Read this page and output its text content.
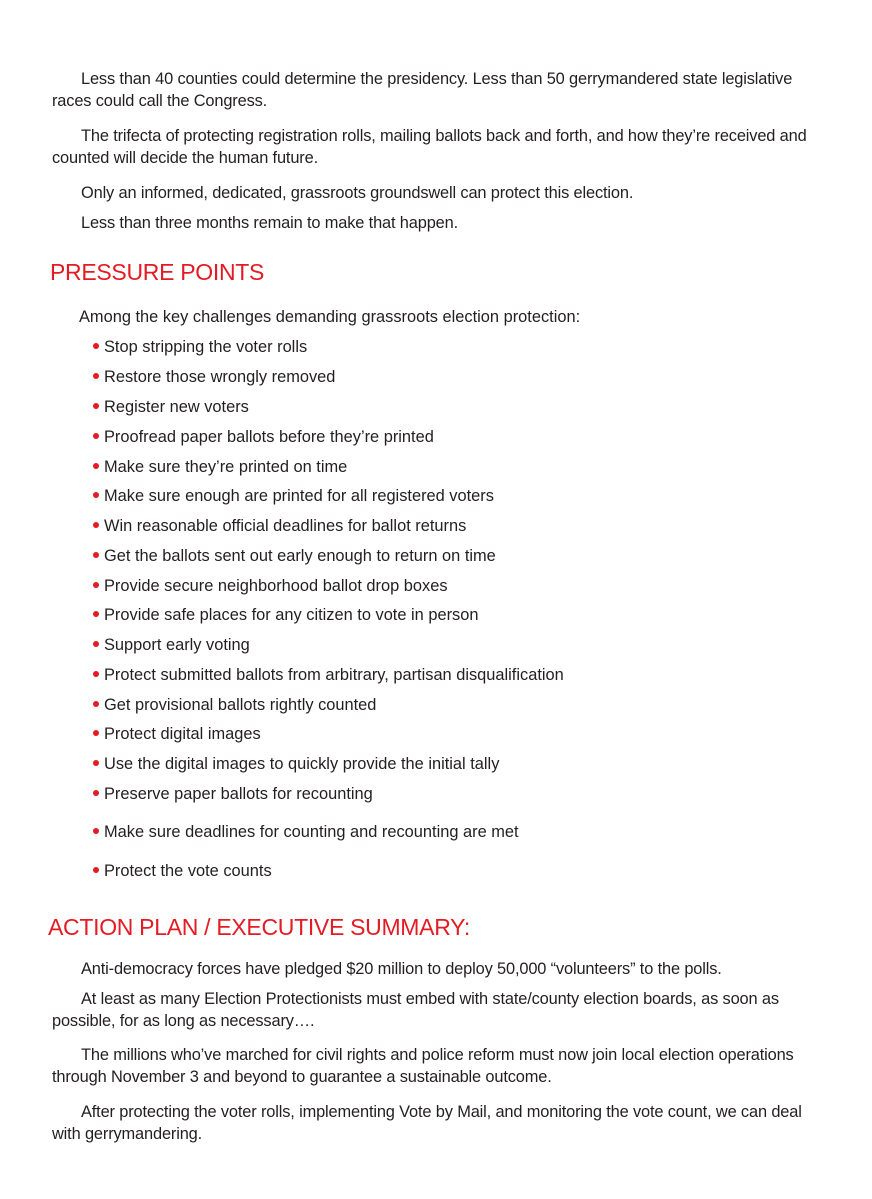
Less than 40 counties could determine the presidency. Less than 50 gerrymandered state legislative races could call the Congress.

The trifecta of protecting registration rolls, mailing ballots back and forth, and how they’re received and counted will decide the human future.

Only an informed, dedicated, grassroots groundswell can protect this election.

Less than three months remain to make that happen.

PRESSURE POINTS

Among the key challenges demanding grassroots election protection:

Stop stripping the voter rolls
Restore those wrongly removed
Register new voters
Proofread paper ballots before they’re printed
Make sure they’re printed on time
Make sure enough are printed for all registered voters
Win reasonable official deadlines for ballot returns
Get the ballots sent out early enough to return on time
Provide secure neighborhood ballot drop boxes
Provide safe places for any citizen to vote in person
Support early voting
Protect submitted ballots from arbitrary, partisan disqualification
Get provisional ballots rightly counted
Protect digital images
Use the digital images to quickly provide the initial tally
Preserve paper ballots for recounting
Make sure deadlines for counting and recounting are met
Protect the vote counts
ACTION PLAN / EXECUTIVE SUMMARY:

Anti-democracy forces have pledged $20 million to deploy 50,000 “volunteers” to the polls.

At least as many Election Protectionists must embed with state/county election boards, as soon as possible, for as long as necessary….

The millions who’ve marched for civil rights and police reform must now join local election operations through November 3 and beyond to guarantee a sustainable outcome.

After protecting the voter rolls, implementing Vote by Mail, and monitoring the vote count, we can deal with gerrymandering.
